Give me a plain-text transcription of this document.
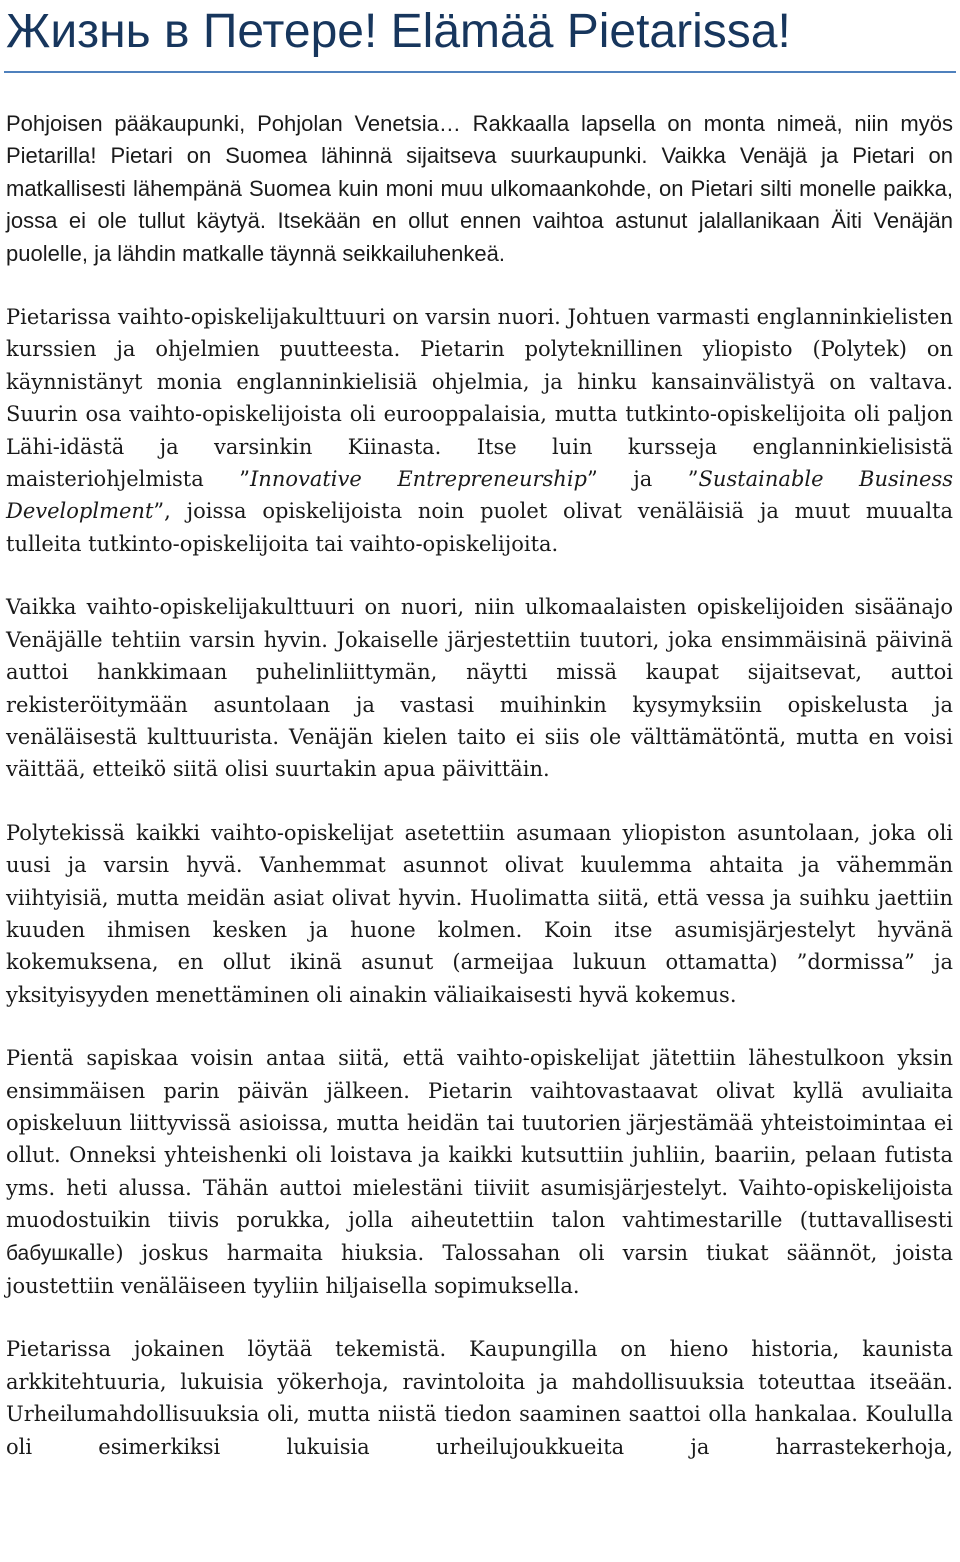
Жизнь в Петере! Elämää Pietarissa!

Pohjoisen pääkaupunki, Pohjolan Venetsia… Rakkaalla lapsella on monta nimeä, niin myös Pietarilla! Pietari on Suomea lähinnä sijaitseva suurkaupunki. Vaikka Venäjä ja Pietari on matkallisesti lähempänä Suomea kuin moni muu ulkomaankohde, on Pietari silti monelle paikka, jossa ei ole tullut käytyä. Itsekään en ollut ennen vaihtoa astunut jalallanikaan Äiti Venäjän puolelle, ja lähdin matkalle täynnä seikkailuhenkeä.

Pietarissa vaihto-opiskelijakulttuuri on varsin nuori. Johtuen varmasti englanninkielisten kurssien ja ohjelmien puutteesta. Pietarin polyteknillinen yliopisto (Polytek) on käynnistänyt monia englanninkielisiä ohjelmia, ja hinku kansainvälistyä on valtava. Suurin osa vaihto-opiskelijoista oli eurooppalaisia, mutta tutkinto-opiskelijoita oli paljon Lähi-idästä ja varsinkin Kiinasta. Itse luin kursseja englanninkielisistä maisteriohjelmista ”Innovative Entrepreneurship” ja ”Sustainable Business Developlment”, joissa opiskelijoista noin puolet olivat venäläisiä ja muut muualta tulleita tutkinto-opiskelijoita tai vaihto-opiskelijoita.

Vaikka vaihto-opiskelijakulttuuri on nuori, niin ulkomaalaisten opiskelijoiden sisäänajo Venäjälle tehtiin varsin hyvin. Jokaiselle järjestettiin tuutori, joka ensimmäisinä päivinä auttoi hankkimaan puhelinliittymän, näytti missä kaupat sijaitsevat, auttoi rekisteröitymään asuntolaan ja vastasi muihinkin kysymyksiin opiskelusta ja venäläisestä kulttuurista. Venäjän kielen taito ei siis ole välttämätöntä, mutta en voisi väittää, etteikö siitä olisi suurtakin apua päivittäin.

Polytekissä kaikki vaihto-opiskelijat asetettiin asumaan yliopiston asuntolaan, joka oli uusi ja varsin hyvä. Vanhemmat asunnot olivat kuulemma ahtaita ja vähemmän viihtyisiä, mutta meidän asiat olivat hyvin. Huolimatta siitä, että vessa ja suihku jaettiin kuuden ihmisen kesken ja huone kolmen. Koin itse asumisjärjestelyt hyvänä kokemuksena, en ollut ikinä asunut (armeijaa lukuun ottamatta) ”dormissa” ja yksityisyyden menettäminen oli ainakin väliaikaisesti hyvä kokemus.

Pientä sapiskaa voisin antaa siitä, että vaihto-opiskelijat jätettiin lähestulkoon yksin ensimmäisen parin päivän jälkeen. Pietarin vaihtovastaavat olivat kyllä avuliaita opiskeluun liittyvissä asioissa, mutta heidän tai tuutorien järjestämää yhteistoimintaa ei ollut. Onneksi yhteishenki oli loistava ja kaikki kutsuttiin juhliin, baariin, pelaan futista yms. heti alussa. Tähän auttoi mielestäni tiiviit asumisjärjestelyt. Vaihto-opiskelijoista muodostuikin tiivis porukka, jolla aiheutettiin talon vahtimestarille (tuttavallisesti бабушкаlle) joskus harmaita hiuksia. Talossahan oli varsin tiukat säännöt, joista joustettiin venäläiseen tyyliin hiljaisella sopimuksella.

Pietarissa jokainen löytää tekemistä. Kaupungilla on hieno historia, kaunista arkkitehtuuria, lukuisia yökerhoja, ravintoloita ja mahdollisuuksia toteuttaa itseään. Urheilumahdollisuuksia oli, mutta niistä tiedon saaminen saattoi olla hankalaa. Koululla oli esimerkiksi lukuisia urheilujoukkueita ja harrastekerhoja,
